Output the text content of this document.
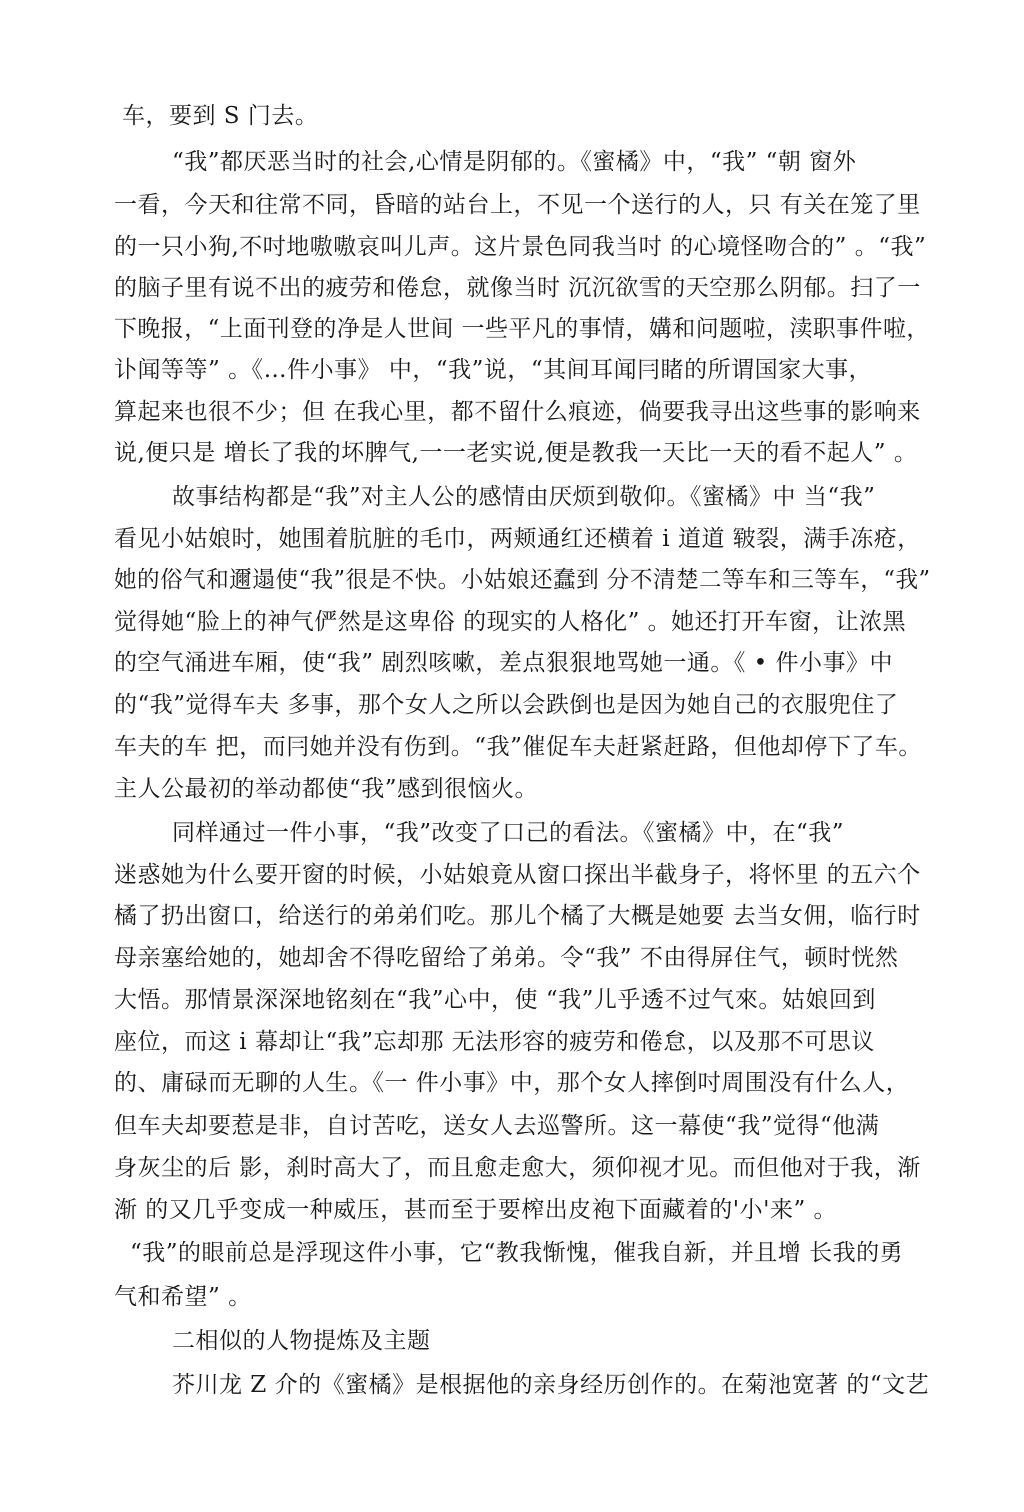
车，要到 S 门去。
“我”都厌恶当时的社会,心情是阴郁的。《蜜橘》中，“我” “朝 窗外
一看，今天和往常不同，昏暗的站台上，不见一个送行的人，只 有关在笼了里
的一只小狗,不吋地嗷嗷哀叫儿声。这片景色同我当吋 的心境怪吻合的” 。“我”
的脑子里有说不出的疲劳和倦怠，就像当时 沉沉欲雪的天空那么阴郁。扫了一
下晚报，“上面刊登的净是人世间 一些平凡的事情，媾和问题啦，渎职事件啦，
讣闻等等” 。《…件小事》 中，“我”说，“其间耳闻冃睹的所谓国家大事，
算起来也很不少；但 在我心里，都不留什么痕迹，倘要我寻出这些事的影响来
说,便只是 増长了我的坏脾气,一一老实说,便是教我一天比一天的看不起人” 。
故事结构都是“我”对主人公的感情由厌烦到敬仰。《蜜橘》中 当“我”
看见小姑娘时，她围着肮脏的毛巾，两颊通红还横着 i 道道 皲裂，满手冻疮，
她的俗气和邇遢使“我”很是不快。小姑娘还蠢到 分不清楚二等车和三等车，“我”
觉得她“脸上的神气俨然是这卑俗 的现实的人格化” 。她还打开车窗，让浓黑
的空气涌进车厢，使“我” 剧烈咳嗽，差点狠狠地骂她一通。《 • 件小事》中
的“我”觉得车夫 多事，那个女人之所以会跌倒也是因为她自己的衣服兜住了
车夫的车 把，而冃她并没有伤到。“我”催促车夫赶紧赶路，但他却停下了车。
主人公最初的举动都使“我”感到很恼火。
同样通过一件小事，“我”改变了口己的看法。《蜜橘》中，在“我”
迷惑她为什么要开窗的时候，小姑娘竟从窗口探出半截身子，将怀里 的五六个
橘了扔出窗口，给送行的弟弟们吃。那儿个橘了大概是她要 去当女佣，临行时
母亲塞给她的，她却舍不得吃留给了弟弟。令“我” 不由得屏住气，顿时恍然
大悟。那情景深深地铭刻在“我”心中，使 “我”儿乎透不过气來。姑娘回到
座位，而这 i 幕却让“我”忘却那 无法形容的疲劳和倦怠，以及那不可思议
的、庸碌而无聊的人生。《一 件小事》中，那个女人摔倒吋周围没有什么人，
但车夫却要惹是非，自讨苦吃，送女人去巡警所。这一幕使“我”觉得“他满
身灰尘的后 影，刹时高大了，而且愈走愈大，须仰视才见。而但他对于我，渐
渐 的又几乎变成一种威压，甚而至于要榨出皮袍下面藏着的'小'来” 。
“我”的眼前总是浮现这件小事，它“教我惭愧，催我自新，并且增 长我的勇
气和希望” 。
二相似的人物提炼及主题
芥川龙 Z 介的《蜜橘》是根据他的亲身经历创作的。在菊池宽著 的“文艺
